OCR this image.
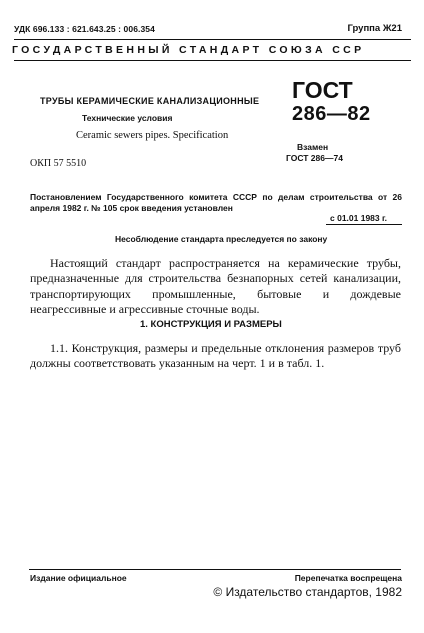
УДК 696.133 : 621.643.25 : 006.354	Группа Ж21
ГОСУДАРСТВЕННЫЙ СТАНДАРТ СОЮЗА ССР
ТРУБЫ КЕРАМИЧЕСКИЕ КАНАЛИЗАЦИОННЫЕ
Технические условия
Ceramic sewers pipes. Specification
ГОСТ
286—82
Взамен
ГОСТ 286—74
ОКП 57 5510
Постановлением Государственного комитета СССР по делам строительства от 26 апреля 1982 г. № 105 срок введения установлен
с 01.01 1983 г.
Несоблюдение стандарта преследуется по закону
Настоящий стандарт распространяется на керамические трубы, предназначенные для строительства безнапорных сетей канализации, транспортирующих промышленные, бытовые и дождевые неагрессивные и агрессивные сточные воды.
1. КОНСТРУКЦИЯ И РАЗМЕРЫ
1.1. Конструкция, размеры и предельные отклонения размеров труб должны соответствовать указанным на черт. 1 и в табл. 1.
Издание официальное	Перепечатка воспрещена
© Издательство стандартов, 1982
